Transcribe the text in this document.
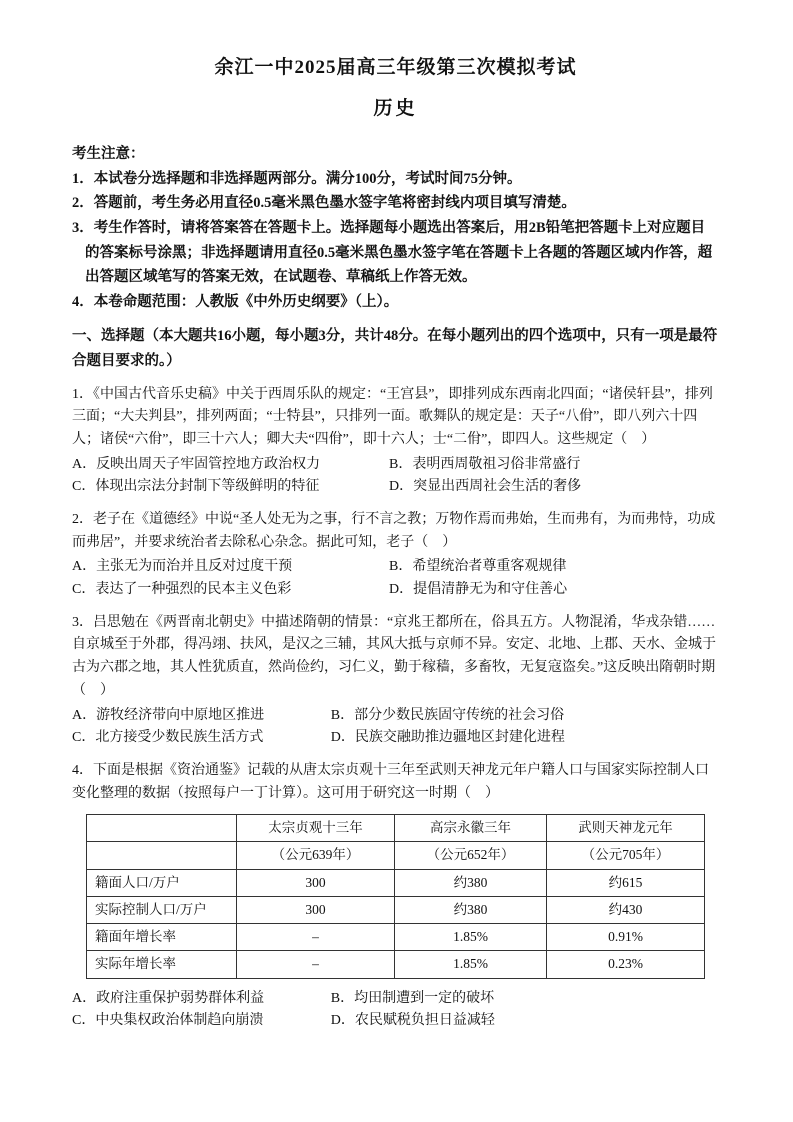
余江一中2025届高三年级第三次模拟考试
历史

考生注意：

1．本试卷分选择题和非选择题两部分。满分100分，考试时间75分钟。

2．答题前，考生务必用直径0.5毫米黑色墨水签字笔将密封线内项目填写清楚。

3．考生作答时，请将答案答在答题卡上。选择题每小题选出答案后，用2B铅笔把答题卡上对应题目的答案标号涂黑；非选择题请用直径0.5毫米黑色墨水签字笔在答题卡上各题的答题区域内作答，超出答题区域笔写的答案无效，在试题卷、草稿纸上作答无效。

4．本卷命题范围：人教版《中外历史纲要》（上）。

一、选择题（本大题共16小题，每小题3分，共计48分。在每小题列出的四个选项中，只有一项是最符合题目要求的。）

1．《中国古代音乐史稿》中关于西周乐队的规定：“王宫县”，即排列成东西南北四面；“诸侯轩县”，排列三面；“大夫判县”，排列两面；“士特县”，只排列一面。歌舞队的规定是：天子“八佾”，即八列六十四人；诸侯“六佾”，即三十六人；卿大夫“四佾”，即十六人；士“二佾”，即四人。这些规定（　）

A．反映出周天子牢固管控地方政治权力	B．表明西周敬祖习俗非常盛行
C．体现出宗法分封制下等级鲜明的特征	D．突显出西周社会生活的奢侈

2．老子在《道德经》中说“圣人处无为之事，行不言之教；万物作焉而弗始，生而弗有，为而弗恃，功成而弗居”，并要求统治者去除私心杂念。据此可知，老子（　）

A．主张无为而治并且反对过度干预	B．希望统治者尊重客观规律
C．表达了一种强烈的民本主义色彩	D．提倡清静无为和守住善心

3．吕思勉在《两晋南北朝史》中描述隋朝的情景：“京兆王都所在，俗具五方。人物混淆，华戎杂错……自京城至于外郡，得冯翊、扶风，是汉之三辅，其风大抵与京师不异。安定、北地、上郡、天水、金城于古为六郡之地，其人性犹质直，然尚俭约，习仁义，勤于稼穑，多畜牧，无复寇盗矣。”这反映出隋朝时期（　）

A．游牧经济带向中原地区推进	B．部分少数民族固守传统的社会习俗
C．北方接受少数民族生活方式	D．民族交融助推边疆地区封建化进程

4．下面是根据《资治通鉴》记载的从唐太宗贞观十三年至武则天神龙元年户籍人口与国家实际控制人口变化整理的数据（按照每户一丁计算）。这可用于研究这一时期（　）

	太宗贞观十三年	高宗永徽三年	武则天神龙元年
	（公元639年）	（公元652年）	（公元705年）
籍面人口/万户	300	约380	约615
实际控制人口/万户	300	约380	约430
籍面年增长率	–	1.85%	0.91%
实际年增长率	–	1.85%	0.23%
A．政府注重保护弱势群体利益	B．均田制遭到一定的破坏
C．中央集权政治体制趋向崩溃	D．农民赋税负担日益减轻
